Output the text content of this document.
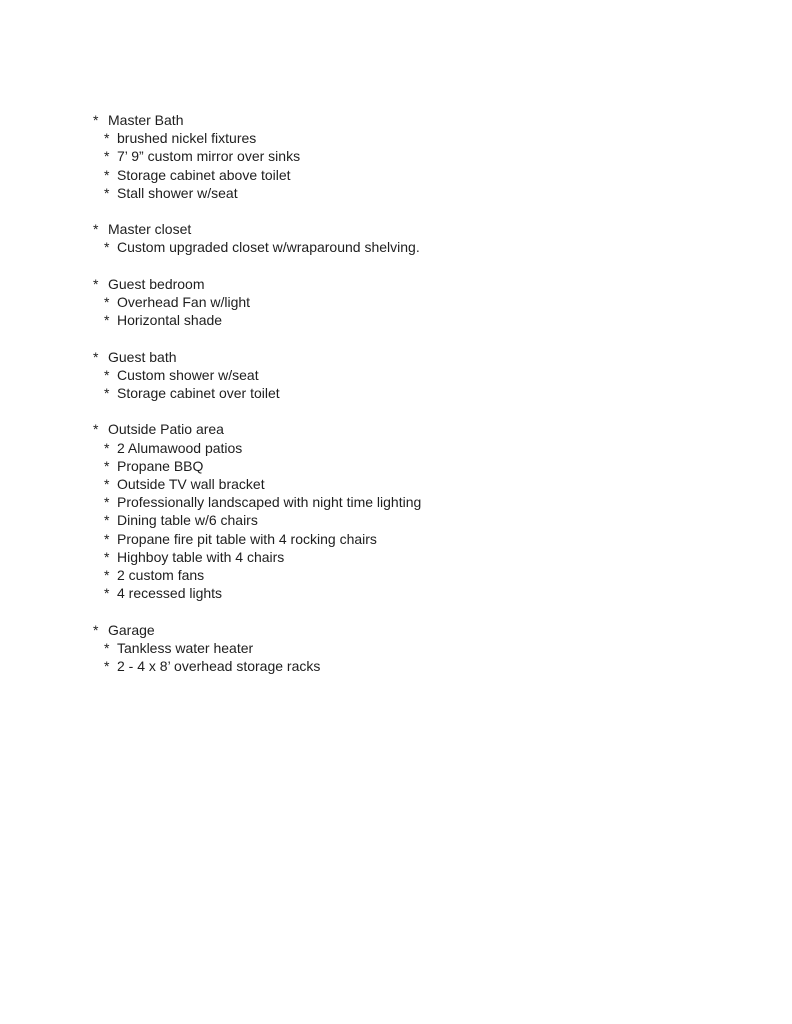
* Master Bath
* brushed nickel fixtures
* 7’ 9” custom mirror over sinks
* Storage cabinet above toilet
* Stall shower w/seat
* Master closet
* Custom upgraded closet w/wraparound shelving.
* Guest bedroom
* Overhead Fan w/light
* Horizontal shade
* Guest bath
* Custom shower w/seat
* Storage cabinet over toilet
* Outside Patio area
* 2 Alumawood patios
* Propane BBQ
* Outside TV wall bracket
* Professionally landscaped with night time lighting
* Dining table w/6 chairs
* Propane fire pit table with 4 rocking chairs
* Highboy table with 4 chairs
* 2 custom fans
* 4 recessed lights
* Garage
* Tankless water heater
* 2 - 4 x 8’ overhead storage racks
